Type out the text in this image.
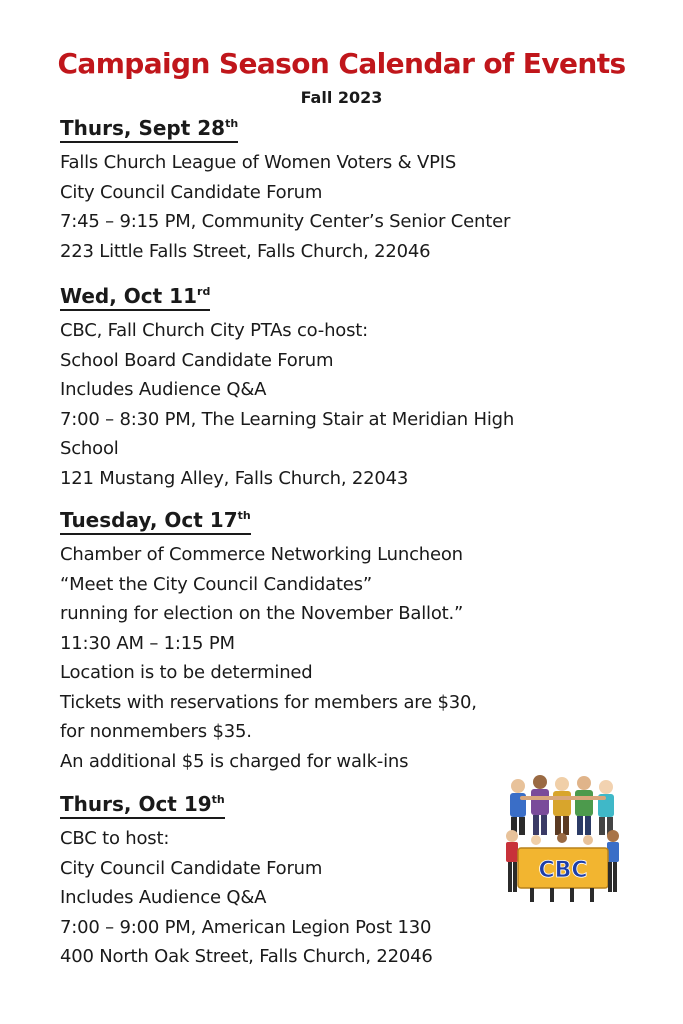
Campaign Season Calendar of Events
Fall 2023
Thurs, Sept 28th
Falls Church League of Women Voters & VPIS
City Council Candidate Forum
7:45 – 9:15 PM, Community Center’s Senior Center
223 Little Falls Street, Falls Church, 22046
Wed, Oct 11rd
CBC, Fall Church City PTAs co-host:
School Board Candidate Forum
Includes Audience Q&A
7:00 – 8:30 PM, The Learning Stair at Meridian High
School
121 Mustang Alley, Falls Church, 22043
Tuesday, Oct 17th
Chamber of Commerce Networking Luncheon
“Meet the City Council Candidates”
running for election on the November Ballot.”
11:30 AM – 1:15 PM
Location is to be determined
Tickets with reservations for members are $30,
for nonmembers $35.
An additional $5 is charged for walk-ins
Thurs, Oct 19th
CBC to host:
City Council Candidate Forum
Includes Audience Q&A
7:00 – 9:00 PM, American Legion Post 130
400 North Oak Street, Falls Church, 22046
CBC
